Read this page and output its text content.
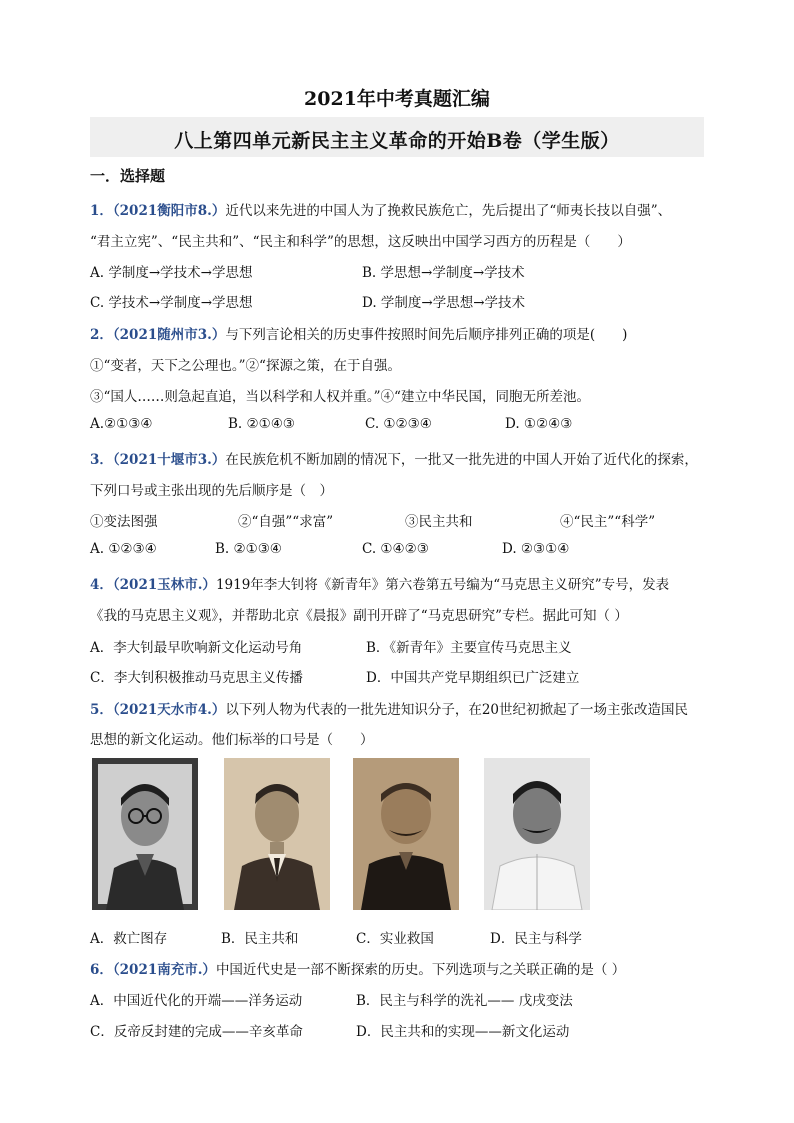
2021年中考真题汇编
八上第四单元新民主主义革命的开始B卷（学生版）
一．选择题
1．（2021衡阳市8.）近代以来先进的中国人为了挽救民族危亡，先后提出了“师夷长技以自强”、
“君主立宪”、“民主共和”、“民主和科学”的思想，这反映出中国学习西方的历程是（　　）
A. 学制度→学技术→学思想	B. 学思想→学制度→学技术
C. 学技术→学制度→学思想	D. 学制度→学思想→学技术
2．（2021随州市3.）与下列言论相关的历史事件按照时间先后顺序排列正确的项是(　　)
①“变者，天下之公理也。”②“探源之策，在于自强。
③“国人……则急起直追，当以科学和人权并重。”④“建立中华民国，同胞无所差池。
A.②①③④	B. ②①④③	C. ①②③④	D. ①②④③
3．（2021十堰市3.）在民族危机不断加剧的情况下，一批又一批先进的中国人开始了近代化的探索，
下列口号或主张出现的先后顺序是（　）
①变法图强	②“自强”“求富”	③民主共和	④“民主”“科学”
A. ①②③④	B. ②①③④	C. ①④②③	D. ②③①④
4．（2021玉林市.）1919年李大钊将《新青年》第六卷第五号编为“马克思主义研究”专号，发表
《我的马克思主义观》，并帮助北京《晨报》副刊开辟了“马克思研究”专栏。据此可知（ ）
A．李大钊最早吹响新文化运动号角	B．《新青年》主要宣传马克思主义
C．李大钊积极推动马克思主义传播	D．中国共产党早期组织已广泛建立
5．（2021天水市4.）以下列人物为代表的一批先进知识分子，在20世纪初掀起了一场主张改造国民
思想的新文化运动。他们标举的口号是（　　）
A．救亡图存	B．民主共和	C．实业救国	D．民主与科学
6．（2021南充市.）中国近代史是一部不断探索的历史。下列选项与之关联正确的是（ ）
A．中国近代化的开端——洋务运动	B．民主与科学的洗礼—— 戊戌变法
C．反帝反封建的完成——辛亥革命	D．民主共和的实现——新文化运动
